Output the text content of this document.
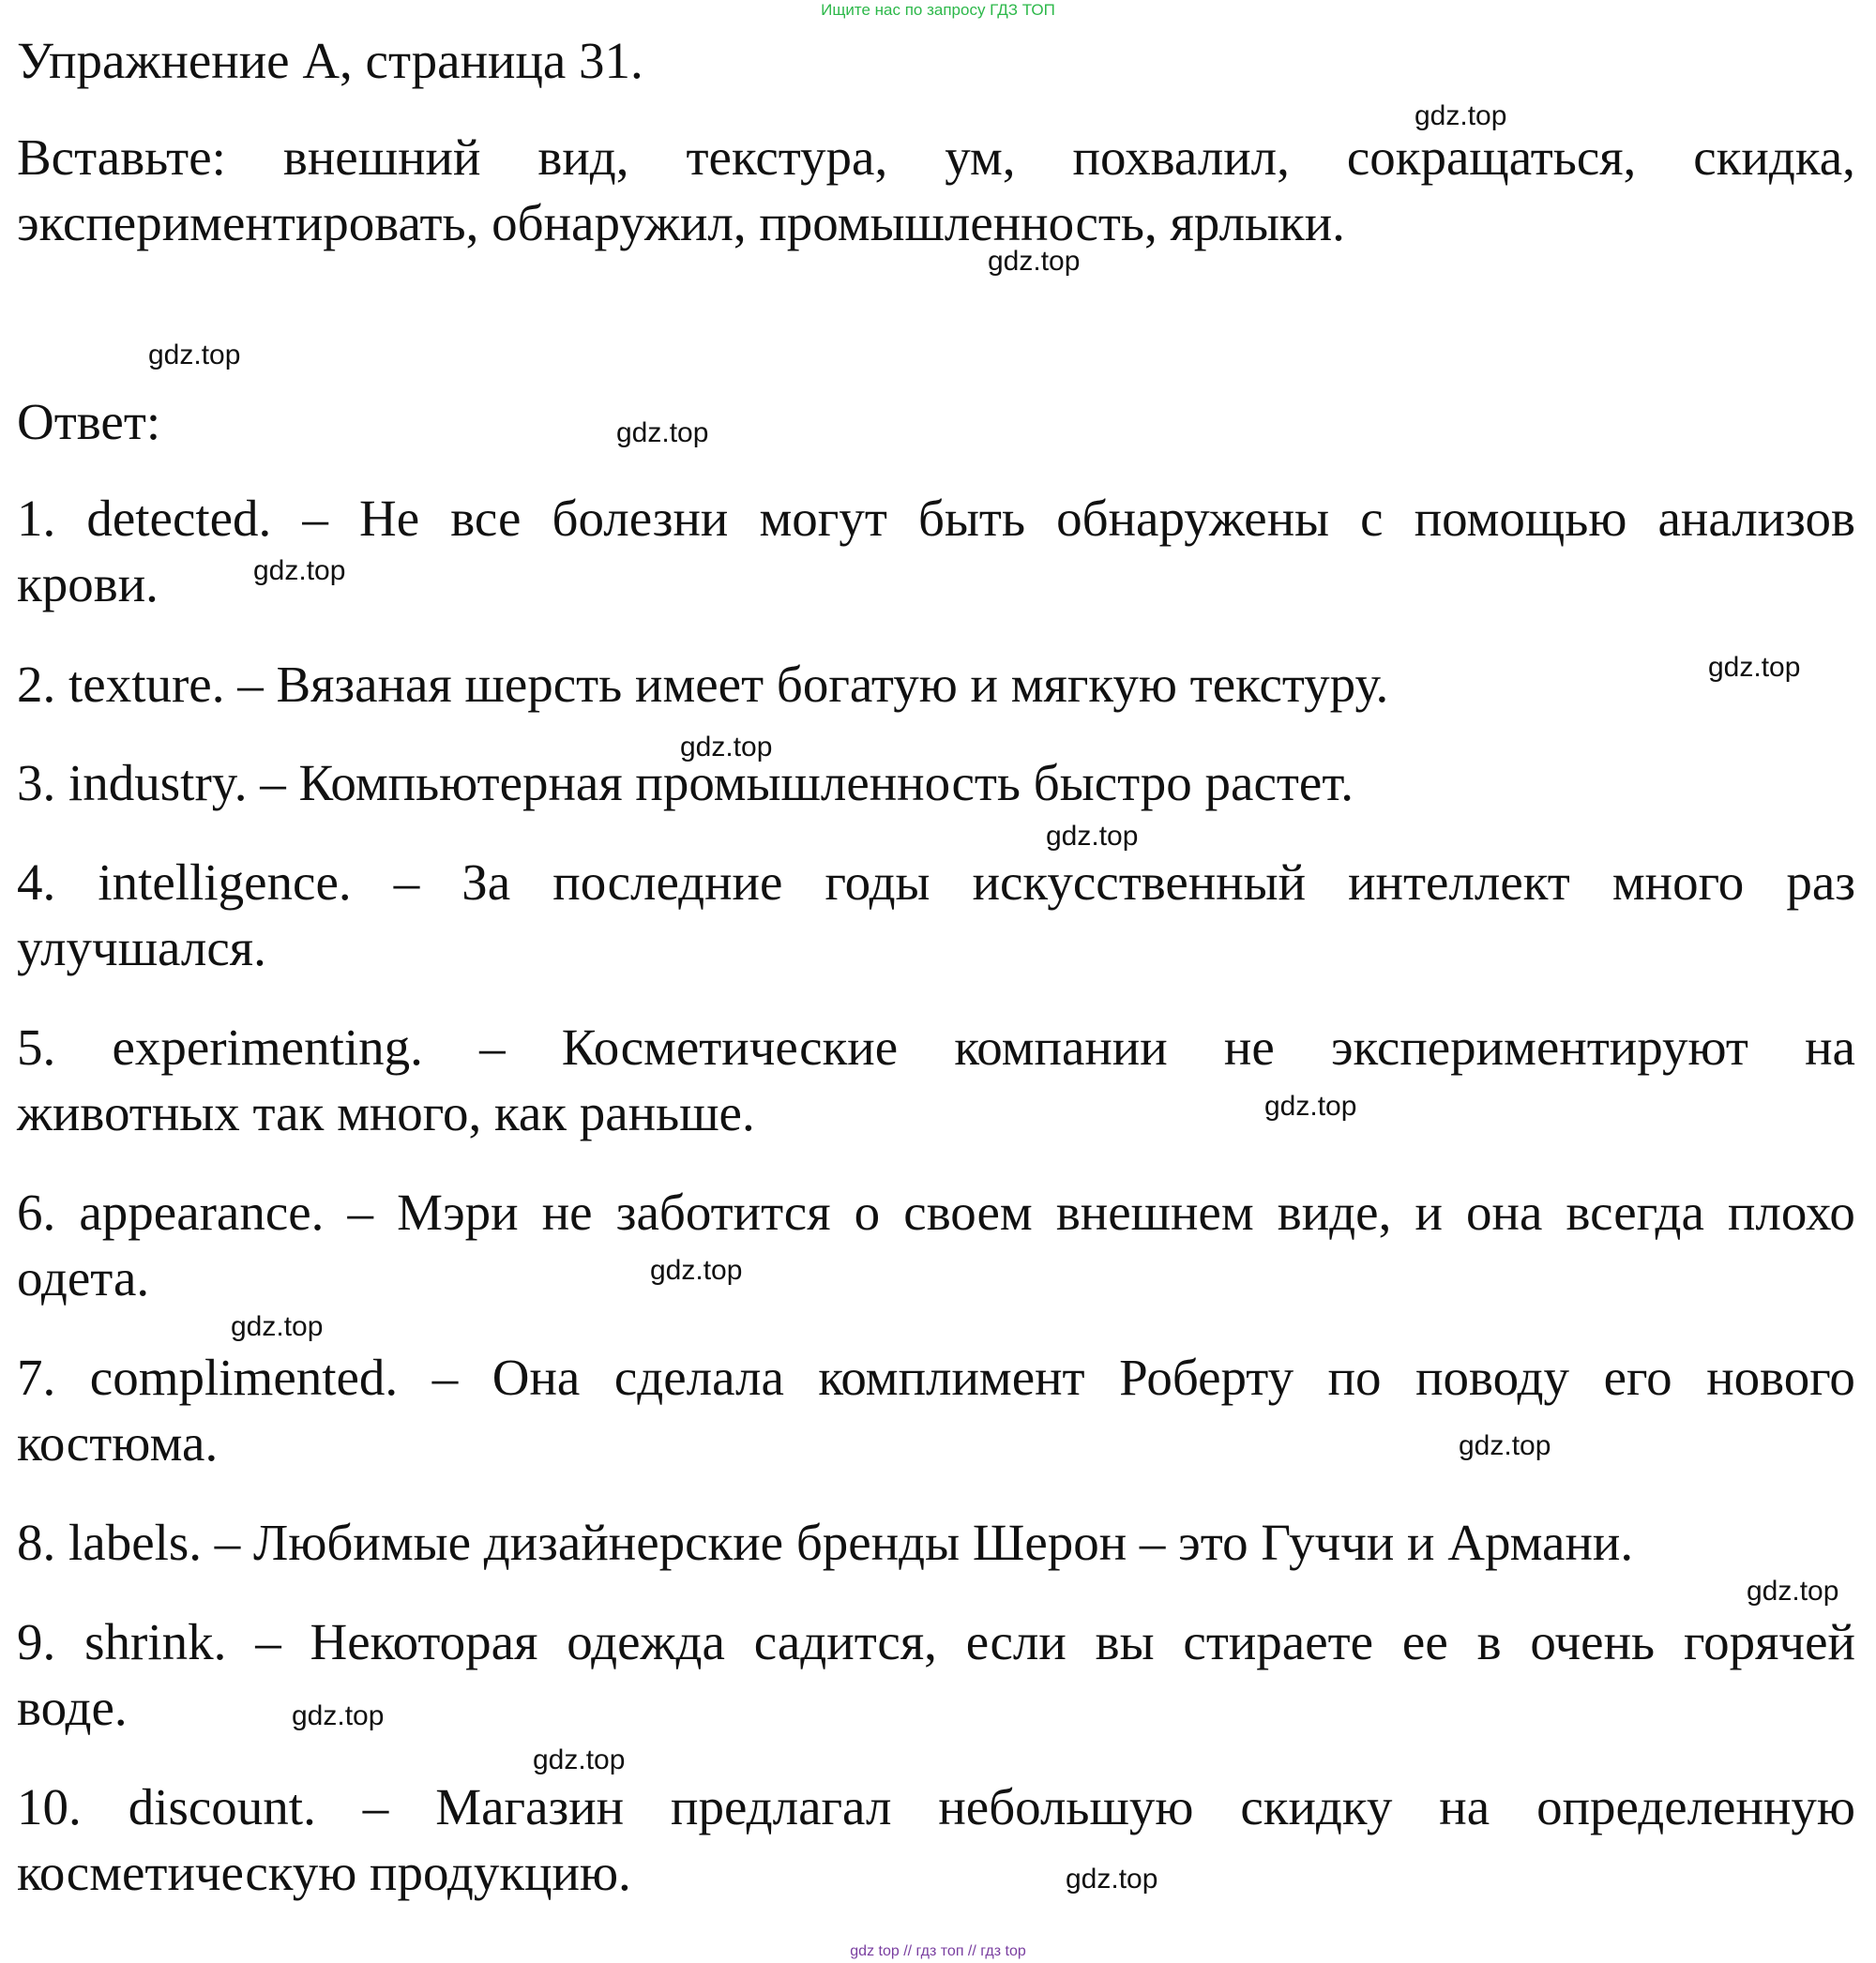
Ищите нас по запросу ГДЗ ТОП
Упражнение A, страница 31.
Вставьте: внешний вид, текстура, ум, похвалил, сокращаться, скидка,
экспериментировать, обнаружил, промышленность, ярлыки.
Ответ:
1. detected. – Не все болезни могут быть обнаружены с помощью анализов
крови.
2. texture. – Вязаная шерсть имеет богатую и мягкую текстуру.
3. industry. – Компьютерная промышленность быстро растет.
4. intelligence. – За последние годы искусственный интеллект много раз
улучшался.
5. experimenting. – Косметические компании не экспериментируют на
животных так много, как раньше.
6. appearance. – Мэри не заботится о своем внешнем виде, и она всегда плохо
одета.
7. complimented. – Она сделала комплимент Роберту по поводу его нового
костюма.
8. labels. – Любимые дизайнерские бренды Шерон – это Гуччи и Армани.
9. shrink. – Некоторая одежда садится, если вы стираете ее в очень горячей
воде.
10. discount. – Магазин предлагал небольшую скидку на определенную
косметическую продукцию.
gdz.top
gdz.top
gdz.top
gdz.top
gdz.top
gdz.top
gdz.top
gdz.top
gdz.top
gdz.top
gdz.top
gdz.top
gdz.top
gdz.top
gdz.top
gdz.top
gdz top // гдз топ // гдз top
